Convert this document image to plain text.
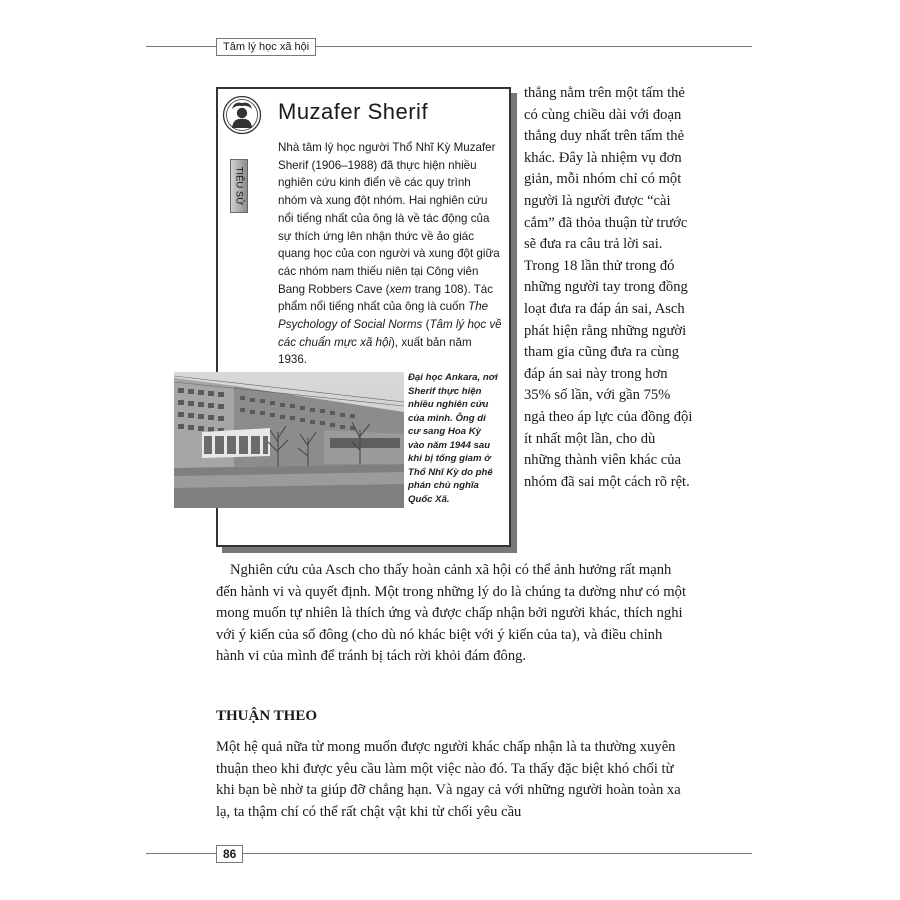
Tâm lý học xã hội
Muzafer Sherif
TIỂU SỬ

Nhà tâm lý học người Thổ Nhĩ Kỳ Muzafer Sherif (1906–1988) đã thực hiện nhiều nghiên cứu kinh điển về các quy trình nhóm và xung đột nhóm. Hai nghiên cứu nổi tiếng nhất của ông là về tác động của sự thích ứng lên nhận thức về ảo giác quang học của con người và xung đột giữa các nhóm nam thiếu niên tại Công viên Bang Robbers Cave (xem trang 108). Tác phẩm nổi tiếng nhất của ông là cuốn The Psychology of Social Norms (Tâm lý học về các chuẩn mực xã hội), xuất bản năm 1936.

Đại học Ankara, nơi Sherif thực hiện nhiều nghiên cứu của mình. Ông di cư sang Hoa Kỳ vào năm 1944 sau khi bị tống giam ở Thổ Nhĩ Kỳ do phê phán chủ nghĩa Quốc Xã.

thẳng nằm trên một tấm thẻ có cùng chiều dài với đoạn thẳng duy nhất trên tấm thẻ khác. Đây là nhiệm vụ đơn giản, mỗi nhóm chỉ có một người là người được “cài cắm” đã thỏa thuận từ trước sẽ đưa ra câu trả lời sai. Trong 18 lần thử trong đó những người tay trong đồng loạt đưa ra đáp án sai, Asch phát hiện rằng những người tham gia cũng đưa ra cùng đáp án sai này trong hơn 35% số lần, với gần 75% ngả theo áp lực của đồng đội ít nhất một lần, cho dù những thành viên khác của nhóm đã sai một cách rõ rệt.

Nghiên cứu của Asch cho thấy hoàn cảnh xã hội có thể ảnh hưởng rất mạnh đến hành vi và quyết định. Một trong những lý do là chúng ta dường như có một mong muốn tự nhiên là thích ứng và được chấp nhận bởi người khác, thích nghi với ý kiến của số đông (cho dù nó khác biệt với ý kiến của ta), và điều chỉnh hành vi của mình để tránh bị tách rời khỏi đám đông.

THUẬN THEO

Một hệ quả nữa từ mong muốn được người khác chấp nhận là ta thường xuyên thuận theo khi được yêu cầu làm một việc nào đó. Ta thấy đặc biệt khó chối từ khi bạn bè nhờ ta giúp đỡ chẳng hạn. Và ngay cả với những người hoàn toàn xa lạ, ta thậm chí có thể rất chật vật khi từ chối yêu cầu

86
